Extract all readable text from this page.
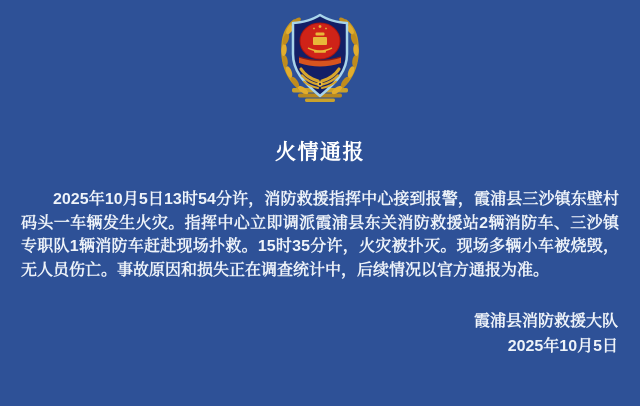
火情通报

2025年10月5日13时54分许，消防救援指挥中心接到报警，霞浦县三沙镇东壁村码头一车辆发生火灾。指挥中心立即调派霞浦县东关消防救援站2辆消防车、三沙镇专职队1辆消防车赶赴现场扑救。15时35分许，火灾被扑灭。现场多辆小车被烧毁，无人员伤亡。事故原因和损失正在调查统计中，后续情况以官方通报为准。

霞浦县消防救援大队
2025年10月5日
